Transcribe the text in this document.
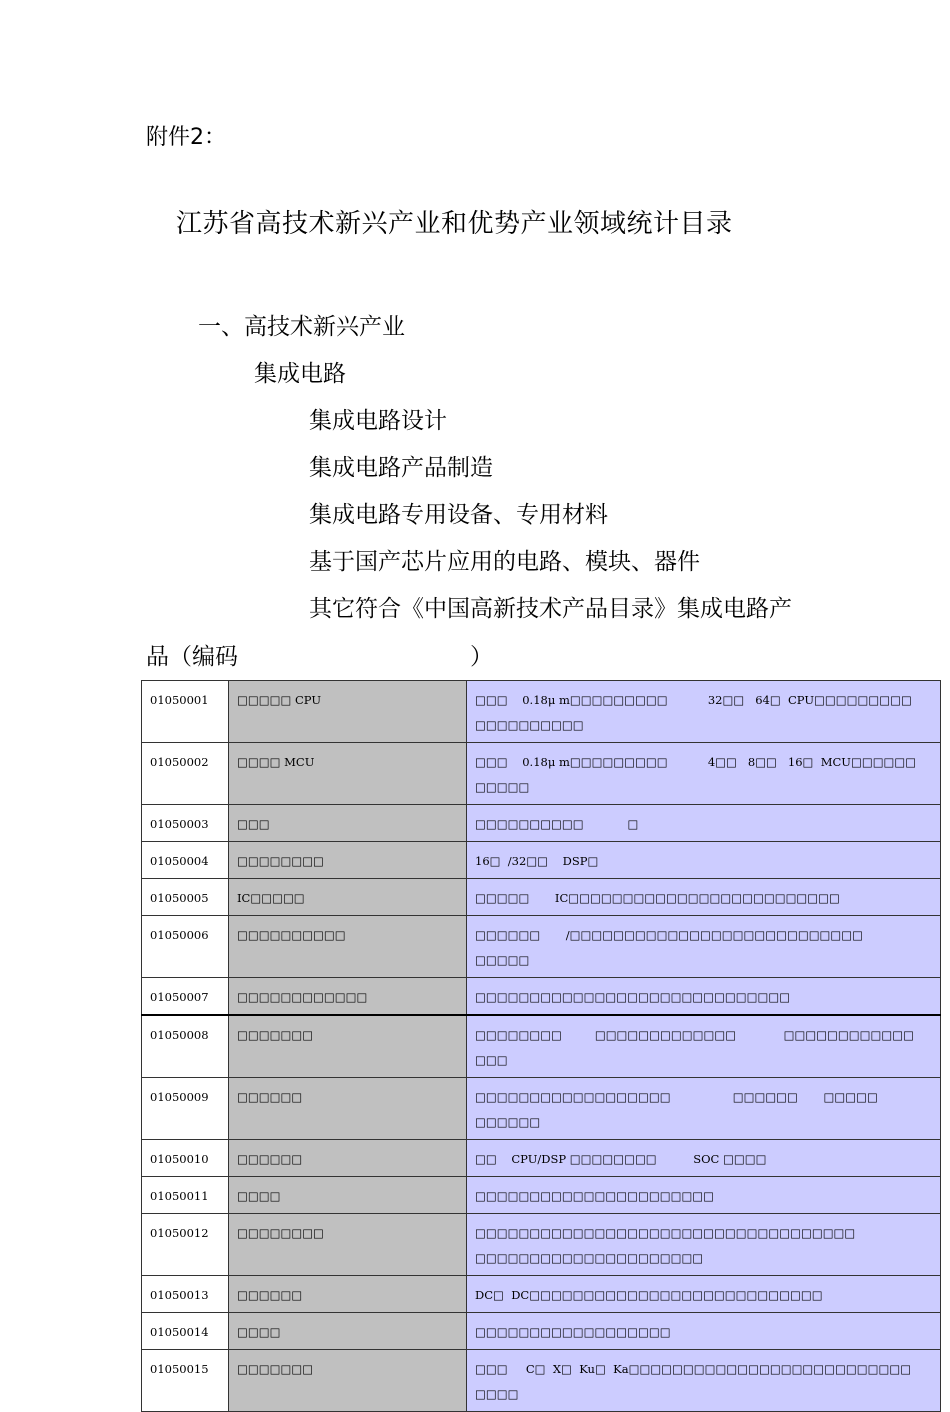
附件2：
江苏省高技术新兴产业和优势产业领域统计目录
一、高技术新兴产业
集成电路
集成电路设计
集成电路产品制造
集成电路专用设备、专用材料
基于国产芯片应用的电路、模块、器件
其它符合《中国高新技术产品目录》集成电路产
品（编码	）
01050001	□□□□□ CPU	□□□    0.18μ m□□□□□□□□□           32□□   64□  CPU□□□□□□□□□
□□□□□□□□□□
01050002	□□□□ MCU	□□□    0.18μ m□□□□□□□□□           4□□   8□□   16□  MCU□□□□□□
□□□□□
01050003	□□□	□□□□□□□□□□            □
01050004	□□□□□□□□	16□  /32□□    DSP□
01050005	IC□□□□□	□□□□□       IC□□□□□□□□□□□□□□□□□□□□□□□□□
01050006	□□□□□□□□□□	□□□□□□       /□□□□□□□□□□□□□□□□□□□□□□□□□□□
□□□□□
01050007	□□□□□□□□□□□□	□□□□□□□□□□□□□□□□□□□□□□□□□□□□□
01050008	□□□□□□□	□□□□□□□□         □□□□□□□□□□□□□             □□□□□□□□□□□□
□□□
01050009	□□□□□□	□□□□□□□□□□□□□□□□□□                 □□□□□□       □□□□□      □□□□□□
01050010	□□□□□□	□□    CPU/DSP □□□□□□□□          SOC □□□□
01050011	□□□□	□□□□□□□□□□□□□□□□□□□□□□
01050012	□□□□□□□□	□□□□□□□□□□□□□□□□□□□□□□□□□□□□□□□□□□□
□□□□□□□□□□□□□□□□□□□□□
01050013	□□□□□□	DC□  DC□□□□□□□□□□□□□□□□□□□□□□□□□□□
01050014	□□□□	□□□□□□□□□□□□□□□□□□
01050015	□□□□□□□	□□□     C□  X□  Ku□  Ka□□□□□□□□□□□□□□□□□□□□□□□□□□
□□□□
